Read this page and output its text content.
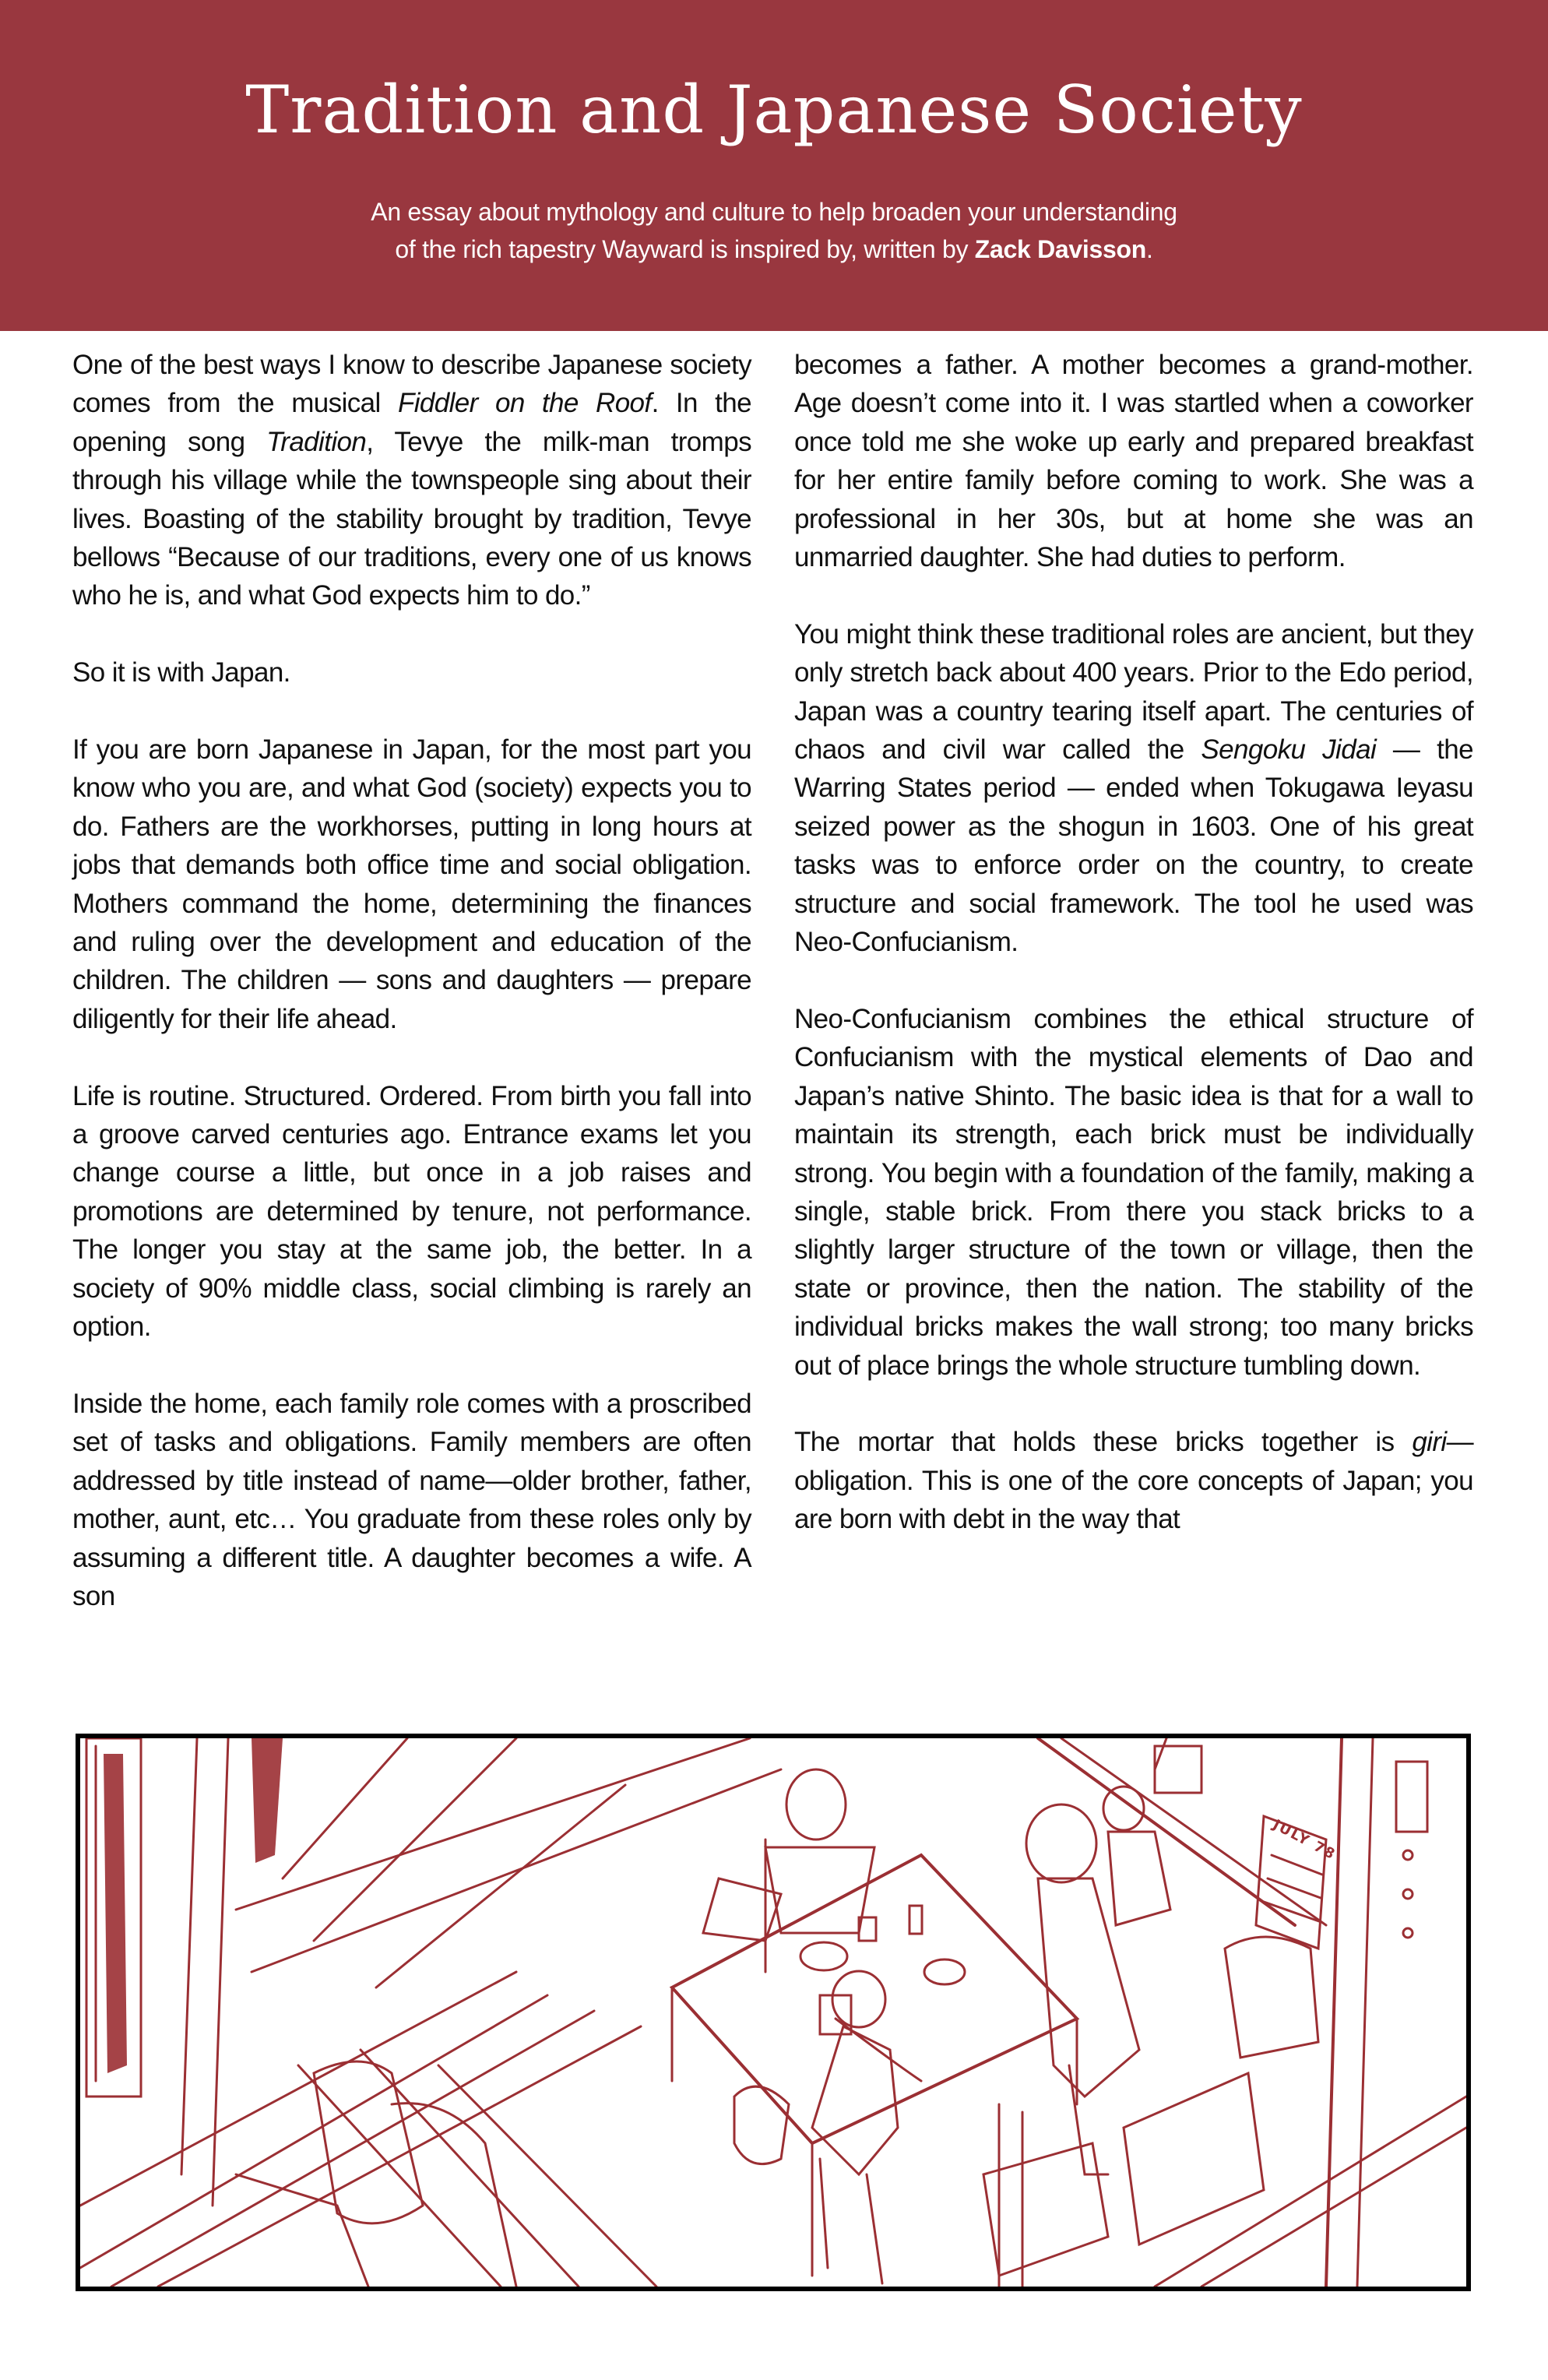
Tradition and Japanese Society
An essay about mythology and culture to help broaden your understanding
of the rich tapestry Wayward is inspired by, written by Zack Davisson.

One of the best ways I know to describe Japanese society comes from the musical Fiddler on the Roof. In the opening song Tradition, Tevye the milk-man tromps through his village while the townspeople sing about their lives. Boasting of the stability brought by tradition, Tevye bellows “Because of our traditions, every one of us knows who he is, and what God expects him to do.”

So it is with Japan.

If you are born Japanese in Japan, for the most part you know who you are, and what God (society) expects you to do. Fathers are the workhorses, putting in long hours at jobs that demands both office time and social obligation. Mothers command the home, determining the finances and ruling over the development and education of the children. The children — sons and daughters — prepare diligently for their life ahead.

Life is routine. Structured. Ordered. From birth you fall into a groove carved centuries ago. Entrance exams let you change course a little, but once in a job raises and promotions are determined by tenure, not performance. The longer you stay at the same job, the better. In a society of 90% middle class, social climbing is rarely an option.

Inside the home, each family role comes with a proscribed set of tasks and obligations. Family members are often addressed by title instead of name—older brother, father, mother, aunt, etc… You graduate from these roles only by assuming a different title. A daughter becomes a wife. A son

becomes a father. A mother becomes a grand-mother. Age doesn’t come into it. I was startled when a coworker once told me she woke up early and prepared breakfast for her entire family before coming to work. She was a professional in her 30s, but at home she was an unmarried daughter. She had duties to perform.

You might think these traditional roles are ancient, but they only stretch back about 400 years. Prior to the Edo period, Japan was a country tearing itself apart. The centuries of chaos and civil war called the Sengoku Jidai — the Warring States period — ended when Tokugawa Ieyasu seized power as the shogun in 1603. One of his great tasks was to enforce order on the country, to create structure and social framework. The tool he used was Neo-Confucianism.

Neo-Confucianism combines the ethical structure of Confucianism with the mystical elements of Dao and Japan’s native Shinto. The basic idea is that for a wall to maintain its strength, each brick must be individually strong. You begin with a foundation of the family, making a single, stable brick. From there you stack bricks to a slightly larger structure of the town or village, then the state or province, then the nation. The stability of the individual bricks makes the wall strong; too many bricks out of place brings the whole structure tumbling down.

The mortar that holds these bricks together is giri—obligation. This is one of the core concepts of Japan; you are born with debt in the way that

JULY 78
